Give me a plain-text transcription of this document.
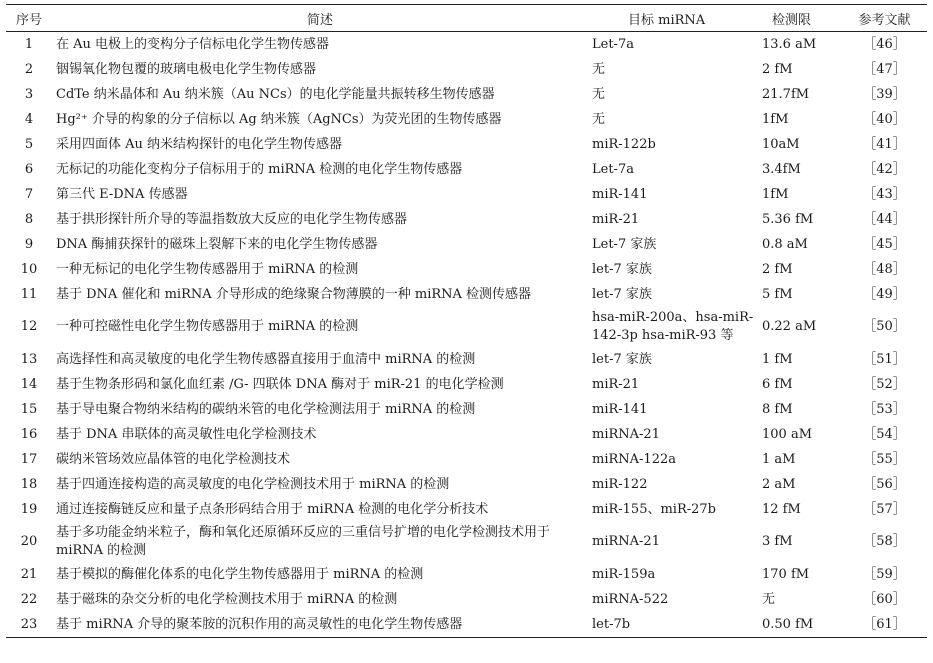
序号	简述	目标 miRNA	检测限	参考文献
1	在 Au 电极上的变构分子信标电化学生物传感器	Let-7a	13.6 aM	［46］
2	铟锡氧化物包覆的玻璃电极电化学生物传感器	无	2 fM	［47］
3	CdTe 纳米晶体和 Au 纳米簇（Au NCs）的电化学能量共振转移生物传感器	无	21.7fM	［39］
4	Hg²⁺ 介导的构象的分子信标以 Ag 纳米簇（AgNCs）为荧光团的生物传感器	无	1fM	［40］
5	采用四面体 Au 纳米结构探针的电化学生物传感器	miR-122b	10aM	［41］
6	无标记的功能化变构分子信标用于的 miRNA 检测的电化学生物传感器	Let-7a	3.4fM	［42］
7	第三代 E-DNA 传感器	miR-141	1fM	［43］
8	基于拱形探针所介导的等温指数放大反应的电化学生物传感器	miR-21	5.36 fM	［44］
9	DNA 酶捕获探针的磁珠上裂解下来的电化学生物传感器	Let-7 家族	0.8 aM	［45］
10	一种无标记的电化学生物传感器用于 miRNA 的检测	let-7 家族	2 fM	［48］
11	基于 DNA 催化和 miRNA 介导形成的绝缘聚合物薄膜的一种 miRNA 检测传感器	let-7 家族	5 fM	［49］
12	一种可控磁性电化学生物传感器用于 miRNA 的检测	hsa-miR-200a、hsa-miR-142-3p hsa-miR-93 等	0.22 aM	［50］
13	高选择性和高灵敏度的电化学生物传感器直接用于血清中 miRNA 的检测	let-7 家族	1 fM	［51］
14	基于生物条形码和氯化血红素 /G- 四联体 DNA 酶对于 miR-21 的电化学检测	miR-21	6 fM	［52］
15	基于导电聚合物纳米结构的碳纳米管的电化学检测法用于 miRNA 的检测	miR-141	8 fM	［53］
16	基于 DNA 串联体的高灵敏性电化学检测技术	miRNA-21	100 aM	［54］
17	碳纳米管场效应晶体管的电化学检测技术	miRNA-122a	1 aM	［55］
18	基于四通连接构造的高灵敏度的电化学检测技术用于 miRNA 的检测	miR-122	2 aM	［56］
19	通过连接酶链反应和量子点条形码结合用于 miRNA 检测的电化学分析技术	miR-155、miR-27b	12 fM	［57］
20	基于多功能金纳米粒子，酶和氧化还原循环反应的三重信号扩增的电化学检测技术用于 miRNA 的检测	miRNA-21	3 fM	［58］
21	基于模拟的酶催化体系的电化学生物传感器用于 miRNA 的检测	miR-159a	170 fM	［59］
22	基于磁珠的杂交分析的电化学检测技术用于 miRNA 的检测	miRNA-522	无	［60］
23	基于 miRNA 介导的聚苯胺的沉积作用的高灵敏性的电化学生物传感器	let-7b	0.50 fM	［61］
